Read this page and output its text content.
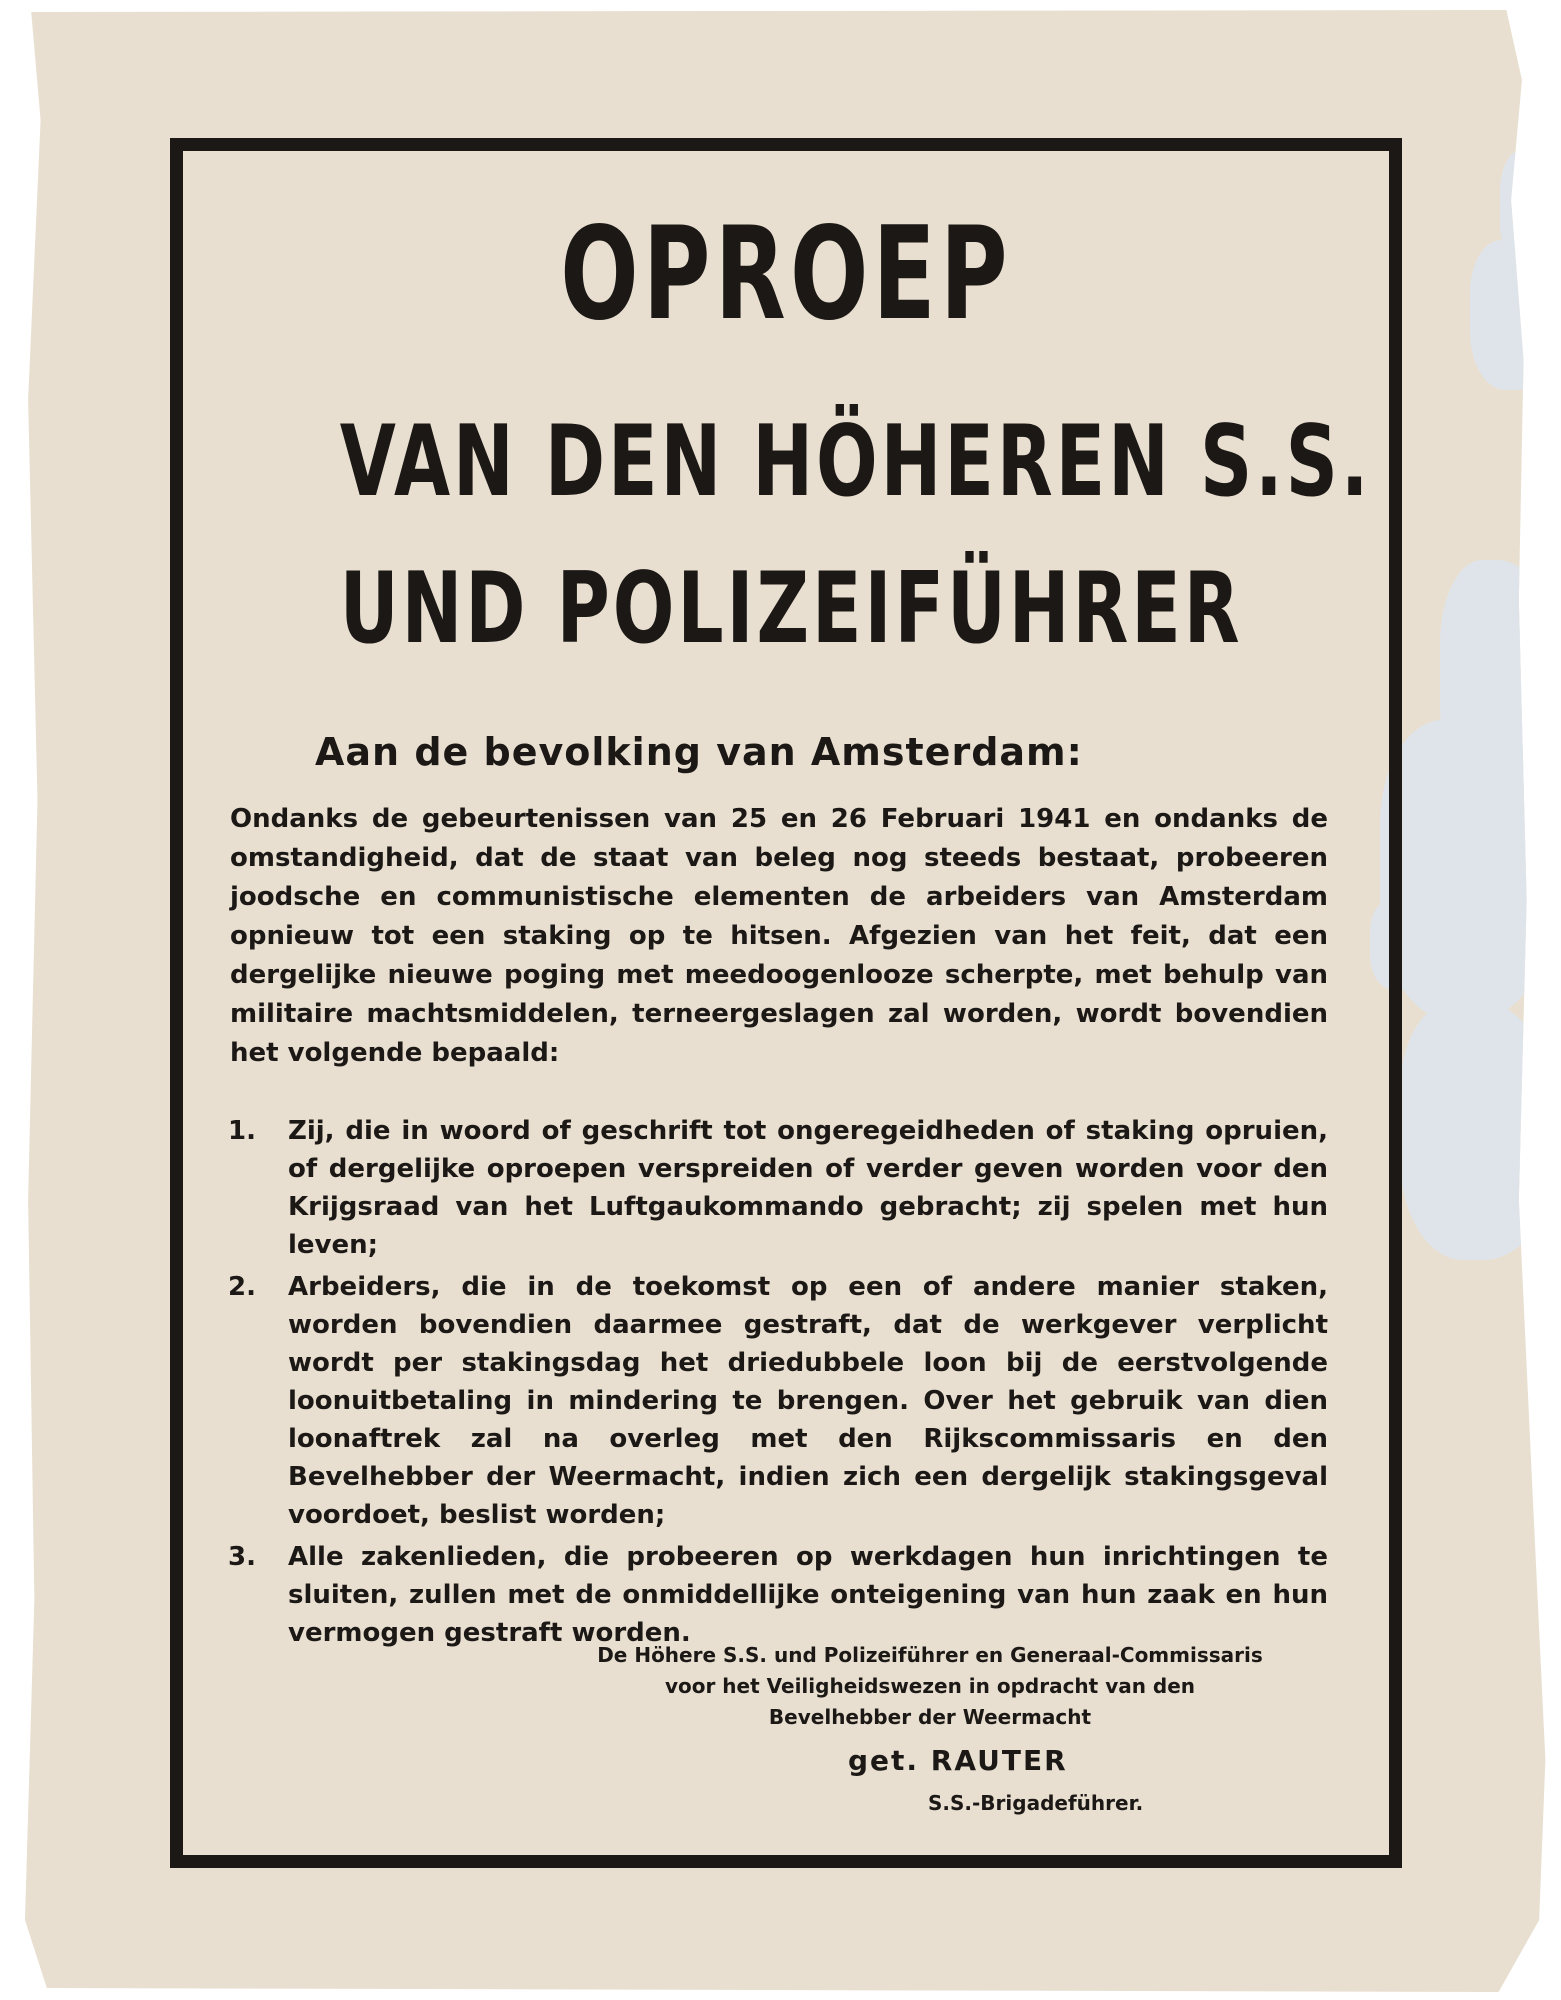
OPROEP
VAN DEN HÖHEREN S.S.
UND POLIZEIFÜHRER
Aan de bevolking van Amsterdam:
Ondanks de gebeurtenissen van 25 en 26 Februari 1941 en ondanks de omstandigheid, dat de staat van beleg nog steeds bestaat, probeeren joodsche en communistische elementen de arbeiders van Amsterdam opnieuw tot een staking op te hitsen. Afgezien van het feit, dat een dergelijke nieuwe poging met meedoogenlooze scherpte, met behulp van militaire machtsmiddelen, terneergeslagen zal worden, wordt bovendien het volgende bepaald:
1.	Zij, die in woord of geschrift tot ongeregeidheden of staking opruien, of dergelijke oproepen verspreiden of verder geven worden voor den Krijgsraad van het Luftgaukommando gebracht; zij spelen met hun leven;
2.	Arbeiders, die in de toekomst op een of andere manier staken, worden bovendien daarmee gestraft, dat de werkgever verplicht wordt per stakingsdag het driedubbele loon bij de eerstvolgende loonuitbetaling in mindering te brengen. Over het gebruik van dien loonaftrek zal na overleg met den Rijkscommissaris en den Bevelhebber der Weermacht, indien zich een dergelijk stakingsgeval voordoet, beslist worden;
3.	Alle zakenlieden, die probeeren op werkdagen hun inrichtingen te sluiten, zullen met de onmiddellijke onteigening van hun zaak en hun vermogen gestraft worden.
De Höhere S.S. und Polizeiführer en Generaal-Commissaris
voor het Veiligheidswezen in opdracht van den
Bevelhebber der Weermacht
get. RAUTER
S.S.-Brigadeführer.
